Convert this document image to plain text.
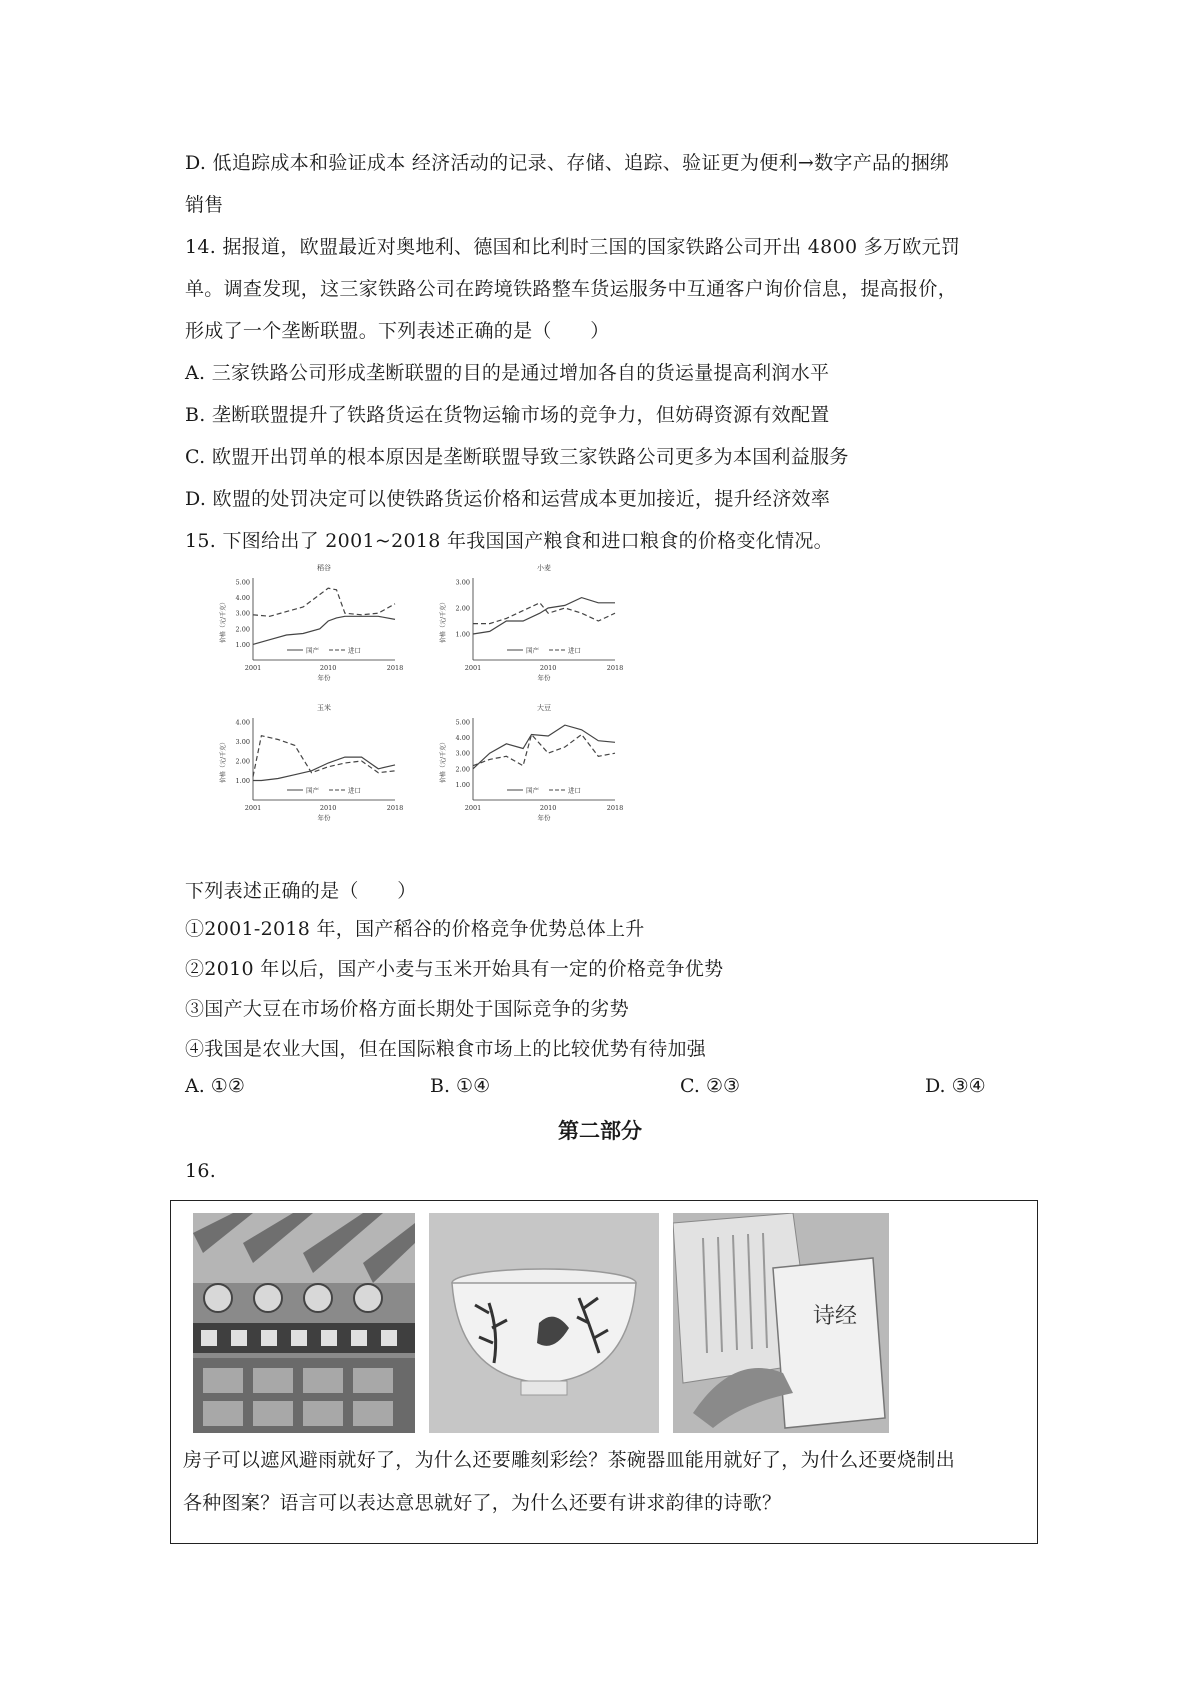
D. 低追踪成本和验证成本 经济活动的记录、存储、追踪、验证更为便利→数字产品的捆绑
销售
14. 据报道，欧盟最近对奥地利、德国和比利时三国的国家铁路公司开出 4800 多万欧元罚
单。调查发现，这三家铁路公司在跨境铁路整车货运服务中互通客户询价信息，提高报价，
形成了一个垄断联盟。下列表述正确的是（　　）
A. 三家铁路公司形成垄断联盟的目的是通过增加各自的货运量提高利润水平
B. 垄断联盟提升了铁路货运在货物运输市场的竞争力，但妨碍资源有效配置
C. 欧盟开出罚单的根本原因是垄断联盟导致三家铁路公司更多为本国利益服务
D. 欧盟的处罚决定可以使铁路货运价格和运营成本更加接近，提升经济效率
15. 下图给出了 2001~2018 年我国国产粮食和进口粮食的价格变化情况。
稻谷
5.00
4.00
3.00
2.00
1.00
2001	2010	2018
年份
价格（元/千克）
国产	进口
小麦
3.00
2.00
1.00
2001	2010	2018
年份
价格（元/千克）
国产	进口
玉米
4.00
3.00
2.00
1.00
2001	2010	2018
年份
价格（元/千克）
国产	进口
大豆
5.00
4.00
3.00
2.00
1.00
2001	2010	2018
年份
价格（元/千克）
国产	进口
下列表述正确的是（　　）
①2001-2018 年，国产稻谷的价格竞争优势总体上升
②2010 年以后，国产小麦与玉米开始具有一定的价格竞争优势
③国产大豆在市场价格方面长期处于国际竞争的劣势
④我国是农业大国，但在国际粮食市场上的比较优势有待加强
A. ①②	B. ①④	C. ②③	D. ③④
第二部分
16.
诗经
房子可以遮风避雨就好了，为什么还要雕刻彩绘？茶碗器皿能用就好了，为什么还要烧制出
各种图案？语言可以表达意思就好了，为什么还要有讲求韵律的诗歌？
